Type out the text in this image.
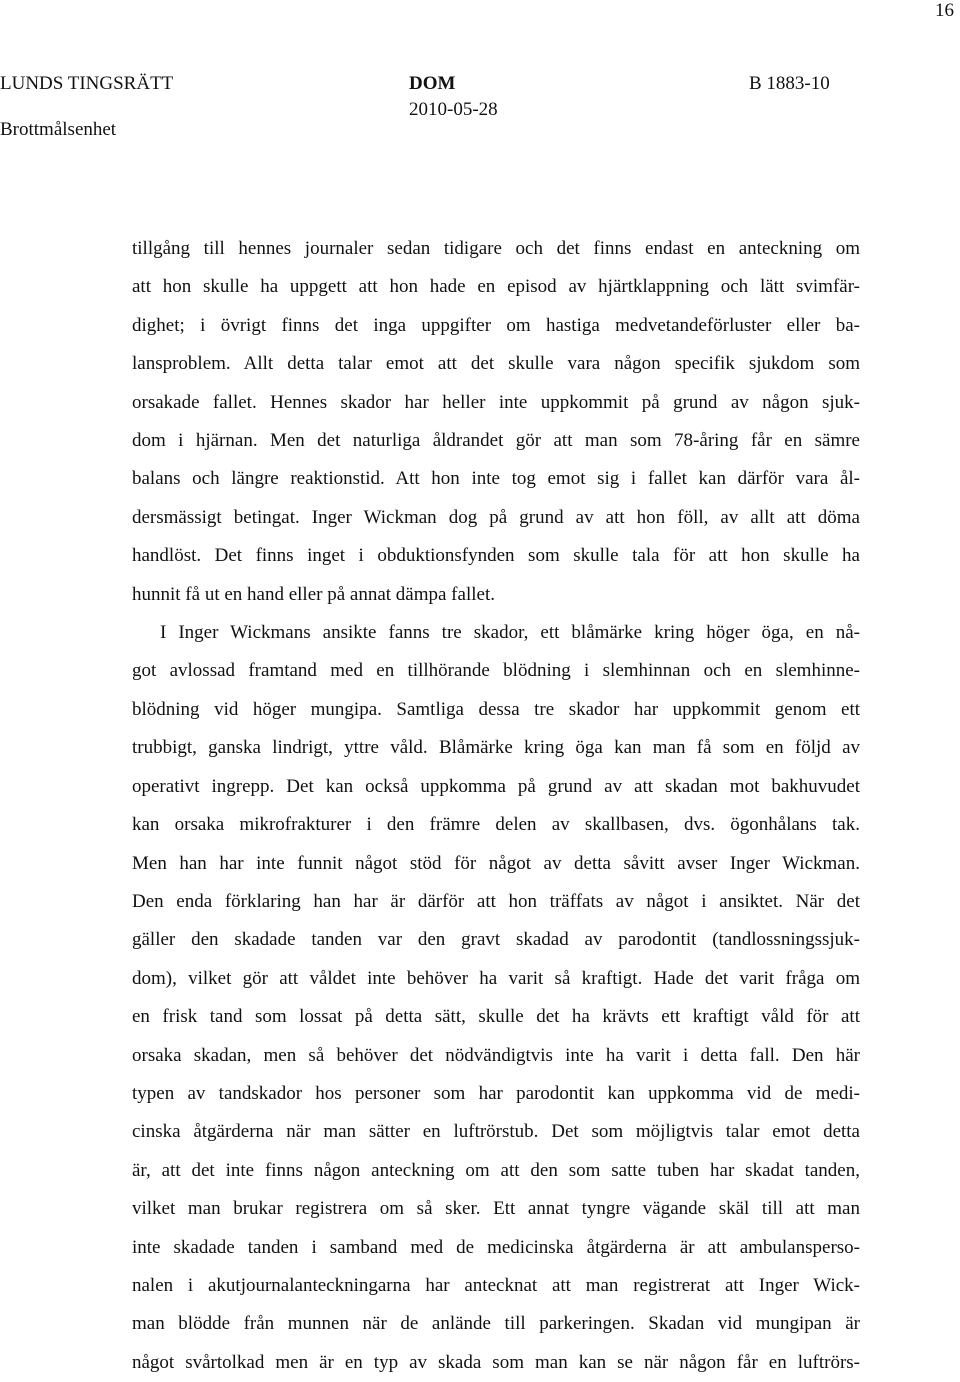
16
LUNDS TINGSRÄTT
Brottmålsenhet
DOM
2010-05-28
B 1883-10
tillgång till hennes journaler sedan tidigare och det finns endast en anteckning om
att hon skulle ha uppgett att hon hade en episod av hjärtklappning och lätt svimfär-
dighet; i övrigt finns det inga uppgifter om hastiga medvetandeförluster eller ba-
lansproblem. Allt detta talar emot att det skulle vara någon specifik sjukdom som
orsakade fallet. Hennes skador har heller inte uppkommit på grund av någon sjuk-
dom i hjärnan. Men det naturliga åldrandet gör att man som 78-åring får en sämre
balans och längre reaktionstid. Att hon inte tog emot sig i fallet kan därför vara ål-
dersmässigt betingat. Inger Wickman dog på grund av att hon föll, av allt att döma
handlöst. Det finns inget i obduktionsfynden som skulle tala för att hon skulle ha
hunnit få ut en hand eller på annat dämpa fallet.
I Inger Wickmans ansikte fanns tre skador, ett blåmärke kring höger öga, en nå-
got avlossad framtand med en tillhörande blödning i slemhinnan och en slemhinne-
blödning vid höger mungipa. Samtliga dessa tre skador har uppkommit genom ett
trubbigt, ganska lindrigt, yttre våld. Blåmärke kring öga kan man få som en följd av
operativt ingrepp. Det kan också uppkomma på grund av att skadan mot bakhuvudet
kan orsaka mikrofrakturer i den främre delen av skallbasen, dvs. ögonhålans tak.
Men han har inte funnit något stöd för något av detta såvitt avser Inger Wickman.
Den enda förklaring han har är därför att hon träffats av något i ansiktet. När det
gäller den skadade tanden var den gravt skadad av parodontit (tandlossningssjuk-
dom), vilket gör att våldet inte behöver ha varit så kraftigt. Hade det varit fråga om
en frisk tand som lossat på detta sätt, skulle det ha krävts ett kraftigt våld för att
orsaka skadan, men så behöver det nödvändigtvis inte ha varit i detta fall. Den här
typen av tandskador hos personer som har parodontit kan uppkomma vid de medi-
cinska åtgärderna när man sätter en luftrörstub. Det som möjligtvis talar emot detta
är, att det inte finns någon anteckning om att den som satte tuben har skadat tanden,
vilket man brukar registrera om så sker. Ett annat tyngre vägande skäl till att man
inte skadade tanden i samband med de medicinska åtgärderna är att ambulansperso-
nalen i akutjournalanteckningarna har antecknat att man registrerat att Inger Wick-
man blödde från munnen när de anlände till parkeringen. Skadan vid mungipan är
något svårtolkad men är en typ av skada som man kan se när någon får en luftrörs-
